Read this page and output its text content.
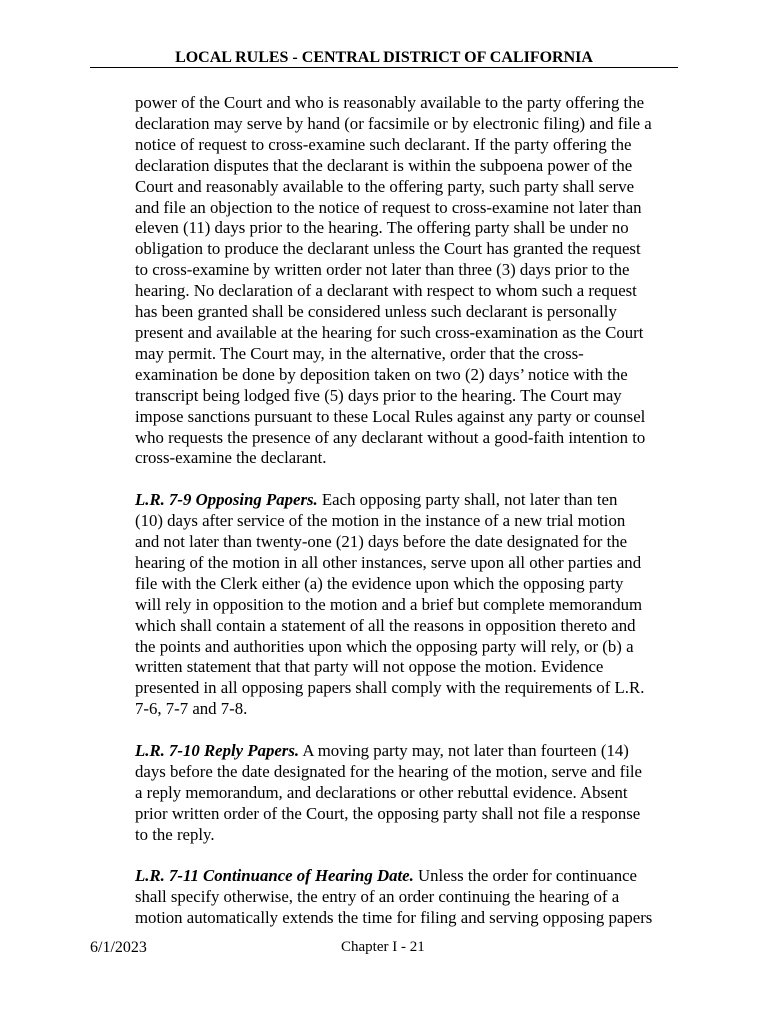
LOCAL RULES - CENTRAL DISTRICT OF CALIFORNIA
power of the Court and who is reasonably available to the party offering the
declaration may serve by hand (or facsimile or by electronic filing) and file a
notice of request to cross-examine such declarant. If the party offering the
declaration disputes that the declarant is within the subpoena power of the
Court and reasonably available to the offering party, such party shall serve
and file an objection to the notice of request to cross-examine not later than
eleven (11) days prior to the hearing. The offering party shall be under no
obligation to produce the declarant unless the Court has granted the request
to cross-examine by written order not later than three (3) days prior to the
hearing. No declaration of a declarant with respect to whom such a request
has been granted shall be considered unless such declarant is personally
present and available at the hearing for such cross-examination as the Court
may permit. The Court may, in the alternative, order that the cross-
examination be done by deposition taken on two (2) days’ notice with the
transcript being lodged five (5) days prior to the hearing. The Court may
impose sanctions pursuant to these Local Rules against any party or counsel
who requests the presence of any declarant without a good-faith intention to
cross-examine the declarant.
L.R. 7-9 Opposing Papers. Each opposing party shall, not later than ten
(10) days after service of the motion in the instance of a new trial motion
and not later than twenty-one (21) days before the date designated for the
hearing of the motion in all other instances, serve upon all other parties and
file with the Clerk either (a) the evidence upon which the opposing party
will rely in opposition to the motion and a brief but complete memorandum
which shall contain a statement of all the reasons in opposition thereto and
the points and authorities upon which the opposing party will rely, or (b) a
written statement that that party will not oppose the motion. Evidence
presented in all opposing papers shall comply with the requirements of L.R.
7-6, 7-7 and 7-8.
L.R. 7-10 Reply Papers. A moving party may, not later than fourteen (14)
days before the date designated for the hearing of the motion, serve and file
a reply memorandum, and declarations or other rebuttal evidence. Absent
prior written order of the Court, the opposing party shall not file a response
to the reply.
L.R. 7-11 Continuance of Hearing Date. Unless the order for continuance
shall specify otherwise, the entry of an order continuing the hearing of a
motion automatically extends the time for filing and serving opposing papers
6/1/2023	Chapter I - 21
